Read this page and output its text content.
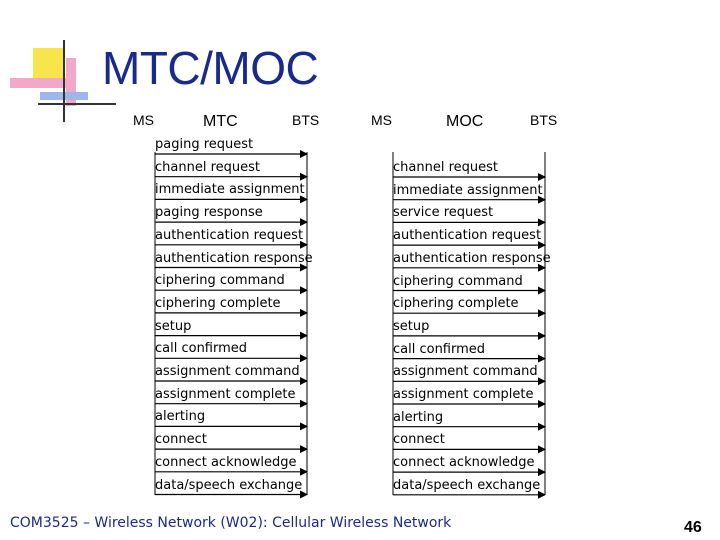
MTC/MOC
MS	MTC	BTS	MS	MOC	BTS
paging request
channel request
immediate assignment
paging response
authentication request
authentication response
ciphering command
ciphering complete
setup
call confirmed
assignment command
assignment complete
alerting
connect
connect acknowledge
data/speech exchange
channel request
immediate assignment
service request
authentication request
authentication response
ciphering command
ciphering complete
setup
call confirmed
assignment command
assignment complete
alerting
connect
connect acknowledge
data/speech exchange
COM3525 – Wireless Network (W02): Cellular Wireless Network	46
